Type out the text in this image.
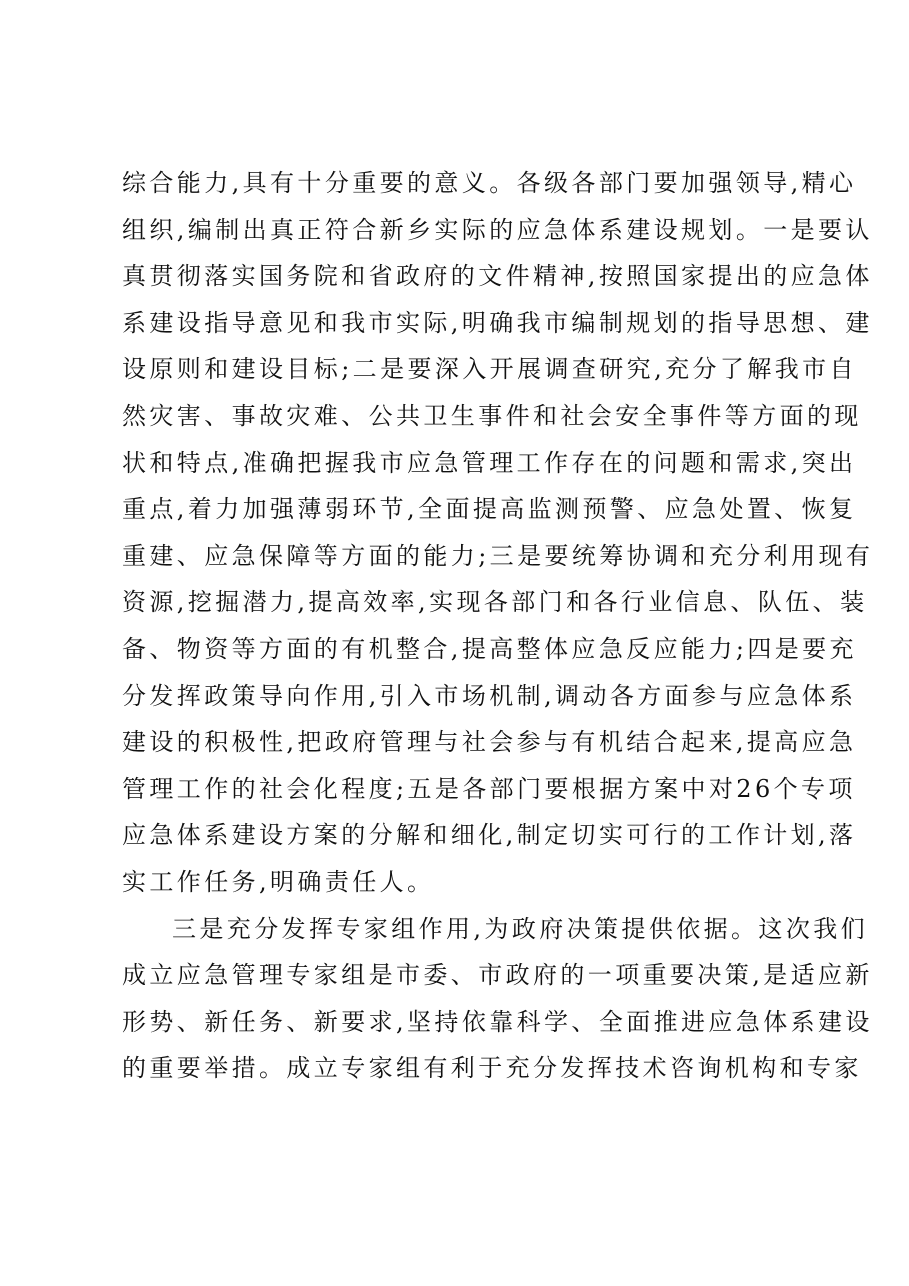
综合能力,具有十分重要的意义。各级各部门要加强领导,精心
组织,编制出真正符合新乡实际的应急体系建设规划。一是要认
真贯彻落实国务院和省政府的文件精神,按照国家提出的应急体
系建设指导意见和我市实际,明确我市编制规划的指导思想、建
设原则和建设目标;二是要深入开展调查研究,充分了解我市自
然灾害、事故灾难、公共卫生事件和社会安全事件等方面的现
状和特点,准确把握我市应急管理工作存在的问题和需求,突出
重点,着力加强薄弱环节,全面提高监测预警、应急处置、恢复
重建、应急保障等方面的能力;三是要统筹协调和充分利用现有
资源,挖掘潜力,提高效率,实现各部门和各行业信息、队伍、装
备、物资等方面的有机整合,提高整体应急反应能力;四是要充
分发挥政策导向作用,引入市场机制,调动各方面参与应急体系
建设的积极性,把政府管理与社会参与有机结合起来,提高应急
管理工作的社会化程度;五是各部门要根据方案中对26个专项
应急体系建设方案的分解和细化,制定切实可行的工作计划,落
实工作任务,明确责任人。
三是充分发挥专家组作用,为政府决策提供依据。这次我们
成立应急管理专家组是市委、市政府的一项重要决策,是适应新
形势、新任务、新要求,坚持依靠科学、全面推进应急体系建设
的重要举措。成立专家组有利于充分发挥技术咨询机构和专家
